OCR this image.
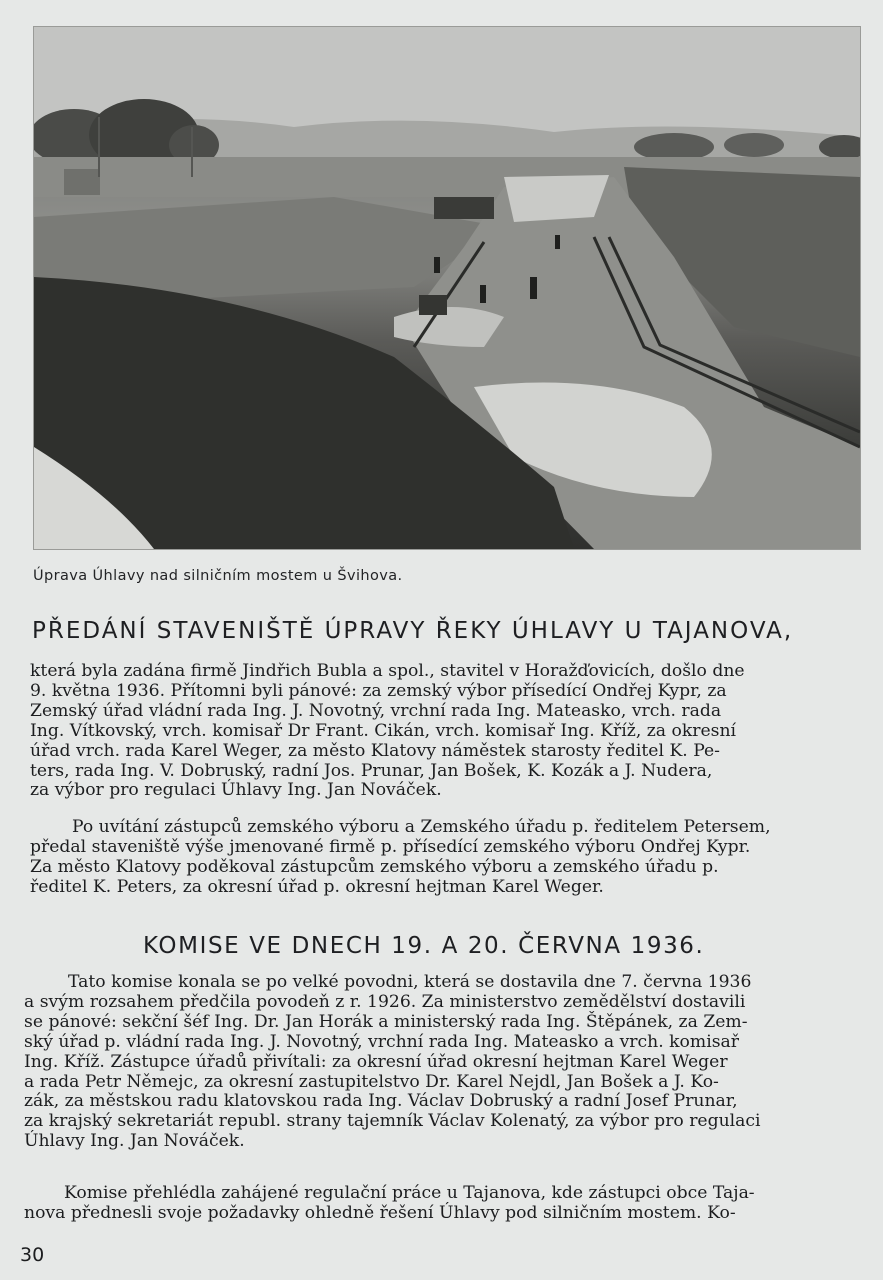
Úprava Úhlavy nad silničním mostem u Švihova.
PŘEDÁNÍ STAVENIŠTĚ ÚPRAVY ŘEKY ÚHLAVY U TAJANOVA,

která byla zadána firmě Jindřich Bubla a spol., stavitel v Horažďovicích, došlo dne
9. května 1936. Přítomni byli pánové: za zemský výbor přísedící Ondřej Kypr, za
Zemský úřad vládní rada Ing. J. Novotný, vrchní rada Ing. Mateasko, vrch. rada
Ing. Vítkovský, vrch. komisař Dr Frant. Cikán, vrch. komisař Ing. Kříž, za okresní
úřad vrch. rada Karel Weger, za město Klatovy náměstek starosty ředitel K. Pe-
ters, rada Ing. V. Dobruský, radní Jos. Prunar, Jan Bošek, K. Kozák a J. Nudera,
za výbor pro regulaci Úhlavy Ing. Jan Nováček.

Po uvítání zástupců zemského výboru a Zemského úřadu p. ředitelem Petersem,
předal staveniště výše jmenované firmě p. přísedící zemského výboru Ondřej Kypr.
Za město Klatovy poděkoval zástupcům zemského výboru a zemského úřadu p.
ředitel K. Peters, za okresní úřad p. okresní hejtman Karel Weger.

KOMISE VE DNECH 19. A 20. ČERVNA 1936.

Tato komise konala se po velké povodni, která se dostavila dne 7. června 1936
a svým rozsahem předčila povodeň z r. 1926. Za ministerstvo zemědělství dostavili
se pánové: sekční šéf Ing. Dr. Jan Horák a ministerský rada Ing. Štěpánek, za Zem-
ský úřad p. vládní rada Ing. J. Novotný, vrchní rada Ing. Mateasko a vrch. komisař
Ing. Kříž. Zástupce úřadů přivítali: za okresní úřad okresní hejtman Karel Weger
a rada Petr Němejc, za okresní zastupitelstvo Dr. Karel Nejdl, Jan Bošek a J. Ko-
zák, za městskou radu klatovskou rada Ing. Václav Dobruský a radní Josef Prunar,
za krajský sekretariát republ. strany tajemník Václav Kolenatý, za výbor pro regulaci
Úhlavy Ing. Jan Nováček.

Komise přehlédla zahájené regulační práce u Tajanova, kde zástupci obce Taja-
nova přednesli svoje požadavky ohledně řešení Úhlavy pod silničním mostem. Ko-

30
